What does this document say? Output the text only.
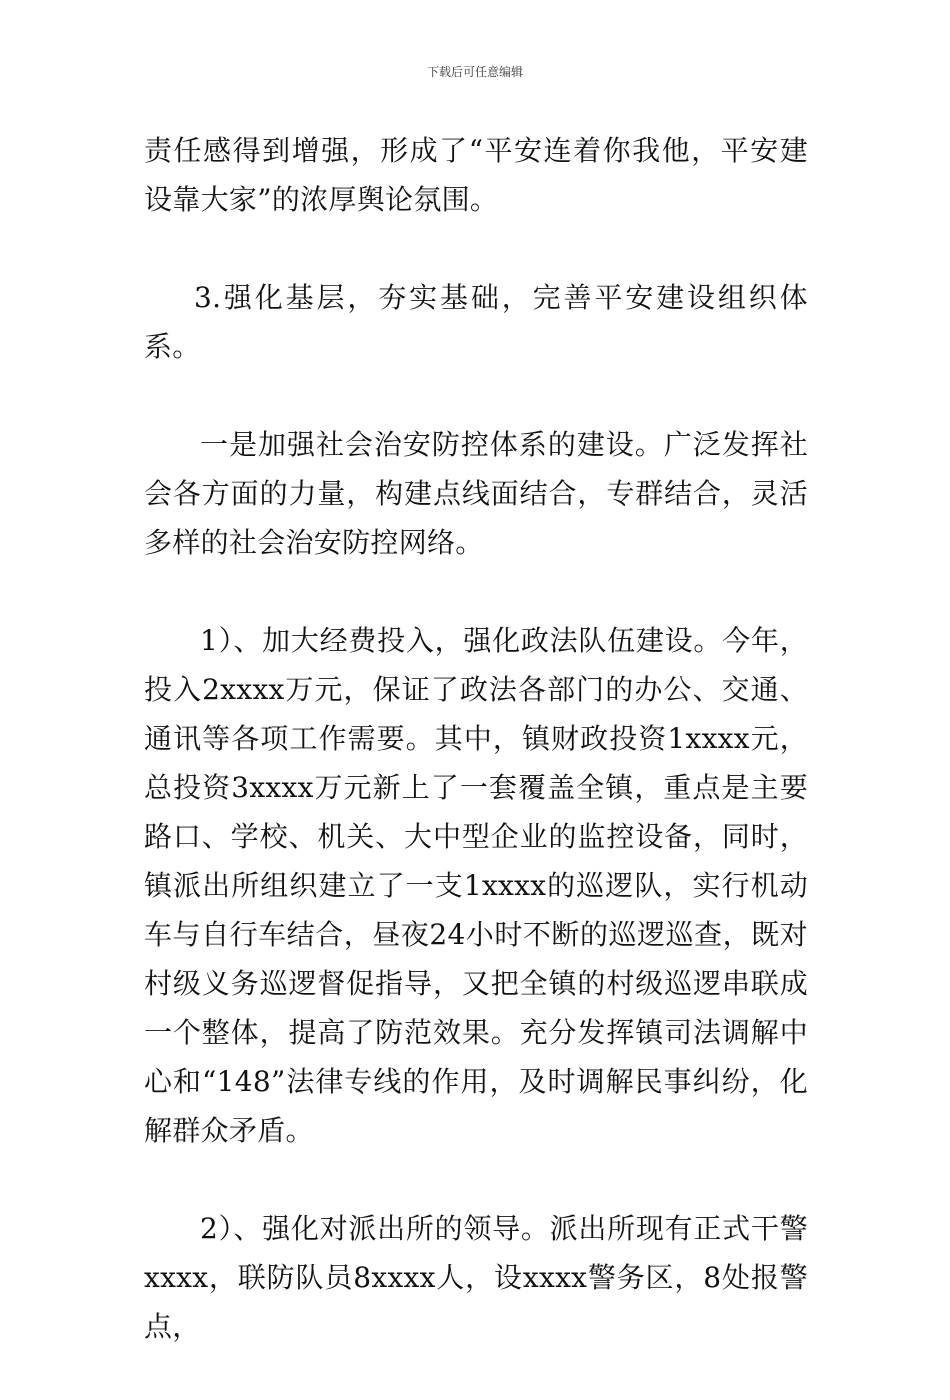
下载后可任意编辑

责任感得到增强，形成了“平安连着你我他，平安建设靠大家”的浓厚舆论氛围。

3.强化基层，夯实基础，完善平安建设组织体系。

一是加强社会治安防控体系的建设。广泛发挥社会各方面的力量，构建点线面结合，专群结合，灵活多样的社会治安防控网络。

1）、加大经费投入，强化政法队伍建设。今年，投入2xxxx万元，保证了政法各部门的办公、交通、通讯等各项工作需要。其中，镇财政投资1xxxx元，总投资3xxxx万元新上了一套覆盖全镇，重点是主要路口、学校、机关、大中型企业的监控设备，同时，镇派出所组织建立了一支1xxxx的巡逻队，实行机动车与自行车结合，昼夜24小时不断的巡逻巡查，既对村级义务巡逻督促指导，又把全镇的村级巡逻串联成一个整体，提高了防范效果。充分发挥镇司法调解中心和“148”法律专线的作用，及时调解民事纠纷，化解群众矛盾。

2）、强化对派出所的领导。派出所现有正式干警xxxx，联防队员8xxxx人，设xxxx警务区，8处报警点，
